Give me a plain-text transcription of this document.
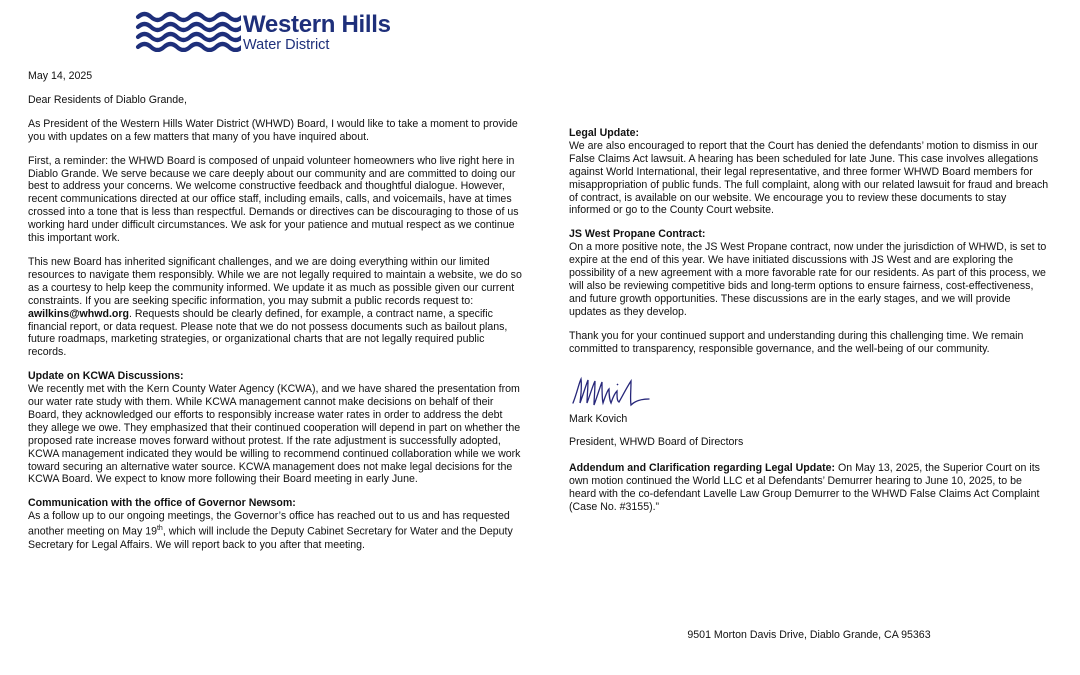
Western Hills
Water District

May 14, 2025

Dear Residents of Diablo Grande,

As President of the Western Hills Water District (WHWD) Board, I would like to take a moment to provide you with updates on a few matters that many of you have inquired about.

First, a reminder: the WHWD Board is composed of unpaid volunteer homeowners who live right here in Diablo Grande. We serve because we care deeply about our community and are committed to doing our best to address your concerns. We welcome constructive feedback and thoughtful dialogue. However, recent communications directed at our office staff, including emails, calls, and voicemails, have at times crossed into a tone that is less than respectful. Demands or directives can be discouraging to those of us working hard under difficult circumstances. We ask for your patience and mutual respect as we continue this important work.

This new Board has inherited significant challenges, and we are doing everything within our limited resources to navigate them responsibly. While we are not legally required to maintain a website, we do so as a courtesy to help keep the community informed. We update it as much as possible given our current constraints. If you are seeking specific information, you may submit a public records request to: awilkins@whwd.org. Requests should be clearly defined, for example, a contract name, a specific financial report, or data request. Please note that we do not possess documents such as bailout plans, future roadmaps, marketing strategies, or organizational charts that are not legally required public records.

Update on KCWA Discussions:

We recently met with the Kern County Water Agency (KCWA), and we have shared the presentation from our water rate study with them. While KCWA management cannot make decisions on behalf of their Board, they acknowledged our efforts to responsibly increase water rates in order to address the debt they allege we owe. They emphasized that their continued cooperation will depend in part on whether the proposed rate increase moves forward without protest. If the rate adjustment is successfully adopted, KCWA management indicated they would be willing to recommend continued collaboration while we work toward securing an alternative water source. KCWA management does not make legal decisions for the KCWA Board. We expect to know more following their Board meeting in early June.

Communication with the office of Governor Newsom:

As a follow up to our ongoing meetings, the Governor’s office has reached out to us and has requested another meeting on May 19th, which will include the Deputy Cabinet Secretary for Water and the Deputy Secretary for Legal Affairs. We will report back to you after that meeting.

Legal Update:

We are also encouraged to report that the Court has denied the defendants’ motion to dismiss in our False Claims Act lawsuit. A hearing has been scheduled for late June. This case involves allegations against World International, their legal representative, and three former WHWD Board members for misappropriation of public funds. The full complaint, along with our related lawsuit for fraud and breach of contract, is available on our website. We encourage you to review these documents to stay informed or go to the County Court website.

JS West Propane Contract:

On a more positive note, the JS West Propane contract, now under the jurisdiction of WHWD, is set to expire at the end of this year. We have initiated discussions with JS West and are exploring the possibility of a new agreement with a more favorable rate for our residents. As part of this process, we will also be reviewing competitive bids and long-term options to ensure fairness, cost-effectiveness, and future growth opportunities. These discussions are in the early stages, and we will provide updates as they develop.

Thank you for your continued support and understanding during this challenging time. We remain committed to transparency, responsible governance, and the well-being of our community.

Mark Kovich

President, WHWD Board of Directors

Addendum and Clarification regarding Legal Update: On May 13, 2025, the Superior Court on its own motion continued the World LLC et al Defendants’ Demurrer hearing to June 10, 2025, to be heard with the co-defendant Lavelle Law Group Demurrer to the WHWD False Claims Act Complaint (Case No. #3155).”

9501 Morton Davis Drive, Diablo Grande, CA 95363
